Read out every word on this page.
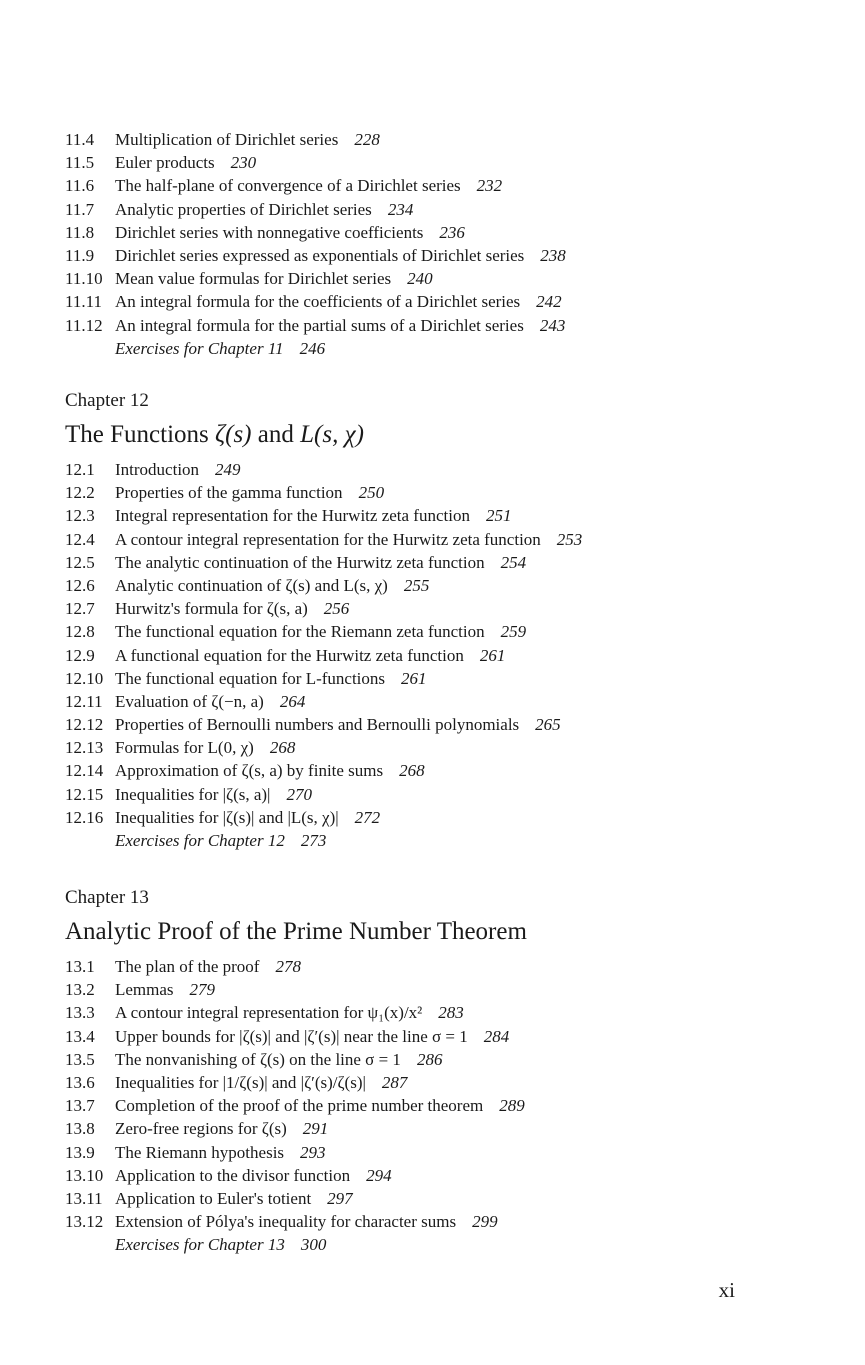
11.4	Multiplication of Dirichlet series 228
11.5	Euler products 230
11.6	The half-plane of convergence of a Dirichlet series 232
11.7	Analytic properties of Dirichlet series 234
11.8	Dirichlet series with nonnegative coefficients 236
11.9	Dirichlet series expressed as exponentials of Dirichlet series 238
11.10 Mean value formulas for Dirichlet series 240
11.11 An integral formula for the coefficients of a Dirichlet series 242
11.12 An integral formula for the partial sums of a Dirichlet series 243
Exercises for Chapter 11 246
Chapter 12
The Functions ζ(s) and L(s, χ)
12.1	Introduction 249
12.2	Properties of the gamma function 250
12.3	Integral representation for the Hurwitz zeta function 251
12.4	A contour integral representation for the Hurwitz zeta function 253
12.5	The analytic continuation of the Hurwitz zeta function 254
12.6	Analytic continuation of ζ(s) and L(s, χ) 255
12.7	Hurwitz's formula for ζ(s, a) 256
12.8	The functional equation for the Riemann zeta function 259
12.9	A functional equation for the Hurwitz zeta function 261
12.10 The functional equation for L-functions 261
12.11 Evaluation of ζ(−n, a) 264
12.12 Properties of Bernoulli numbers and Bernoulli polynomials 265
12.13 Formulas for L(0, χ) 268
12.14 Approximation of ζ(s, a) by finite sums 268
12.15 Inequalities for |ζ(s, a)| 270
12.16 Inequalities for |ζ(s)| and |L(s, χ)| 272
Exercises for Chapter 12 273
Chapter 13
Analytic Proof of the Prime Number Theorem
13.1	The plan of the proof 278
13.2	Lemmas 279
13.3	A contour integral representation for ψ₁(x)/x² 283
13.4	Upper bounds for |ζ(s)| and |ζ′(s)| near the line σ = 1 284
13.5	The nonvanishing of ζ(s) on the line σ = 1 286
13.6	Inequalities for |1/ζ(s)| and |ζ′(s)/ζ(s)| 287
13.7	Completion of the proof of the prime number theorem 289
13.8	Zero-free regions for ζ(s) 291
13.9	The Riemann hypothesis 293
13.10 Application to the divisor function 294
13.11 Application to Euler's totient 297
13.12 Extension of Pólya's inequality for character sums 299
Exercises for Chapter 13 300
xi
